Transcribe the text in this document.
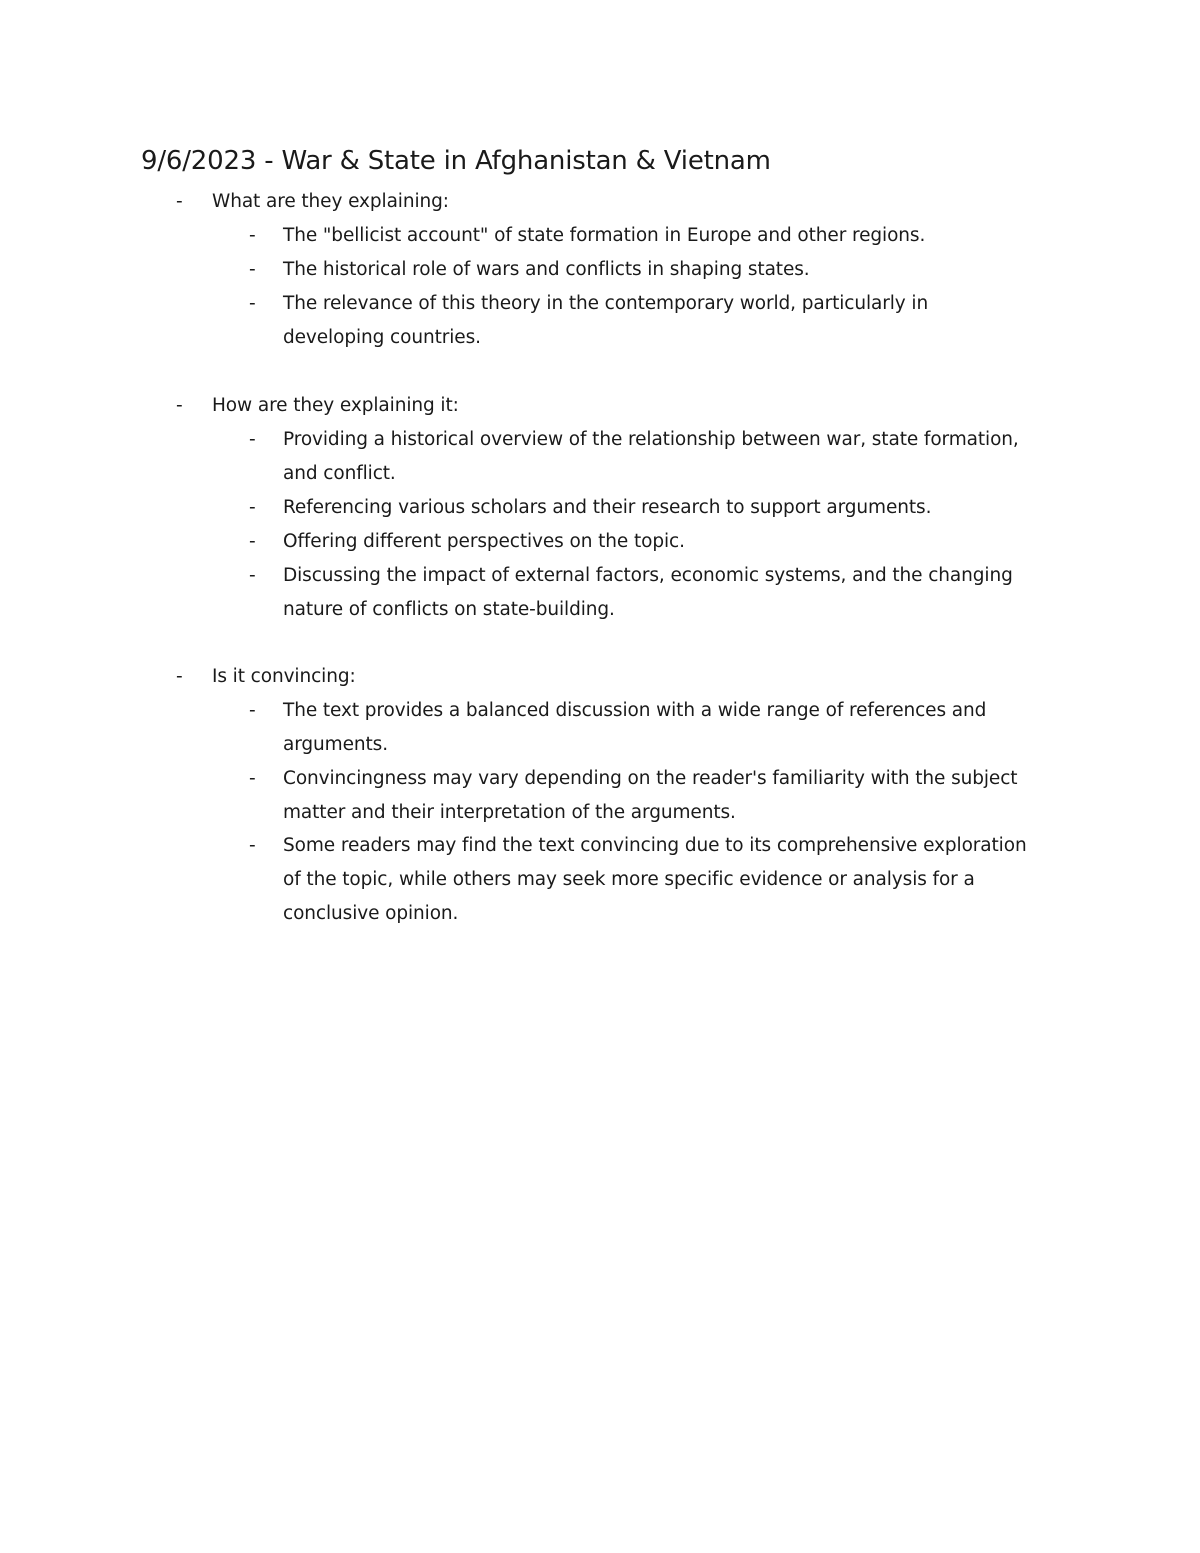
9/6/2023 - War & State in Afghanistan & Vietnam
- What are they explaining:
- The "bellicist account" of state formation in Europe and other regions.
- The historical role of wars and conflicts in shaping states.
- The relevance of this theory in the contemporary world, particularly in
developing countries.
- How are they explaining it:
- Providing a historical overview of the relationship between war, state formation,
and conflict.
- Referencing various scholars and their research to support arguments.
- Offering different perspectives on the topic.
- Discussing the impact of external factors, economic systems, and the changing
nature of conflicts on state-building.
- Is it convincing:
- The text provides a balanced discussion with a wide range of references and
arguments.
- Convincingness may vary depending on the reader's familiarity with the subject
matter and their interpretation of the arguments.
- Some readers may find the text convincing due to its comprehensive exploration
of the topic, while others may seek more specific evidence or analysis for a
conclusive opinion.
